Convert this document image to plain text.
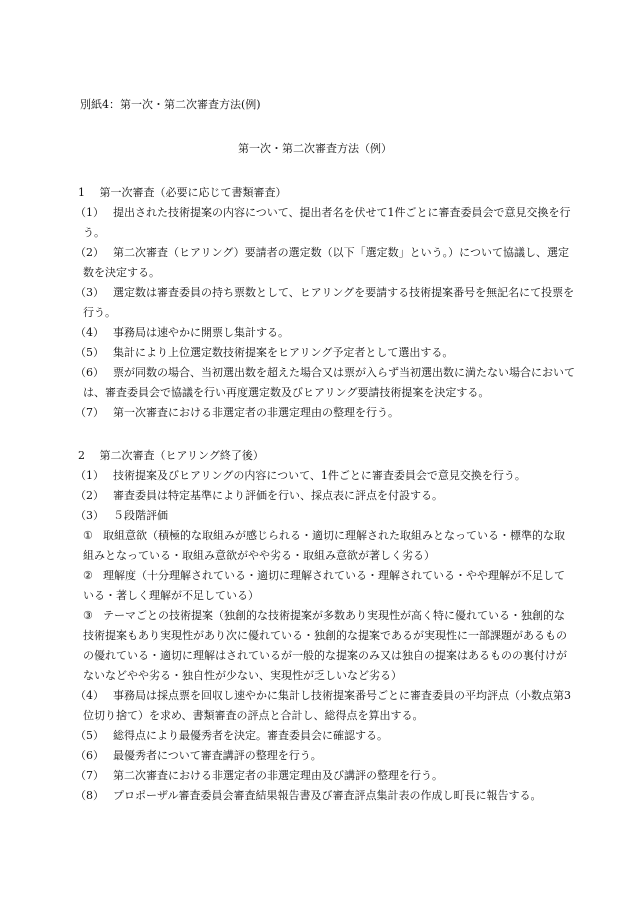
別紙4：第一次・第二次審査方法(例)
第一次・第二次審査方法（例）
1 第一次審査（必要に応じて書類審査）
（1） 提出された技術提案の内容について、提出者名を伏せて1件ごとに審査委員会で意見交換を行う。
（2） 第二次審査（ヒアリング）要請者の選定数（以下「選定数」という。）について協議し、選定数を決定する。
（3） 選定数は審査委員の持ち票数として、ヒアリングを要請する技術提案番号を無記名にて投票を行う。
（4） 事務局は速やかに開票し集計する。
（5） 集計により上位選定数技術提案をヒアリング予定者として選出する。
（6） 票が同数の場合、当初選出数を超えた場合又は票が入らず当初選出数に満たない場合においては、審査委員会で協議を行い再度選定数及びヒアリング要請技術提案を決定する。
（7） 第一次審査における非選定者の非選定理由の整理を行う。
2 第二次審査（ヒアリング終了後）
（1） 技術提案及びヒアリングの内容について、1件ごとに審査委員会で意見交換を行う。
（2） 審査委員は特定基準により評価を行い、採点表に評点を付設する。
（3） ５段階評価
① 取組意欲（積極的な取組みが感じられる・適切に理解された取組みとなっている・標準的な取組みとなっている・取組み意欲がやや劣る・取組み意欲が著しく劣る）
② 理解度（十分理解されている・適切に理解されている・理解されている・やや理解が不足している・著しく理解が不足している）
③ テーマごとの技術提案（独創的な技術提案が多数あり実現性が高く特に優れている・独創的な技術提案もあり実現性があり次に優れている・独創的な提案であるが実現性に一部課題があるものの優れている・適切に理解はされているが一般的な提案のみ又は独自の提案はあるものの裏付けがないなどやや劣る・独自性が少ない、実現性が乏しいなど劣る）
（4） 事務局は採点票を回収し速やかに集計し技術提案番号ごとに審査委員の平均評点（小数点第3位切り捨て）を求め、書類審査の評点と合計し、総得点を算出する。
（5） 総得点により最優秀者を決定。審査委員会に確認する。
（6） 最優秀者について審査講評の整理を行う。
（7） 第二次審査における非選定者の非選定理由及び講評の整理を行う。
（8） プロポーザル審査委員会審査結果報告書及び審査評点集計表の作成し町長に報告する。
